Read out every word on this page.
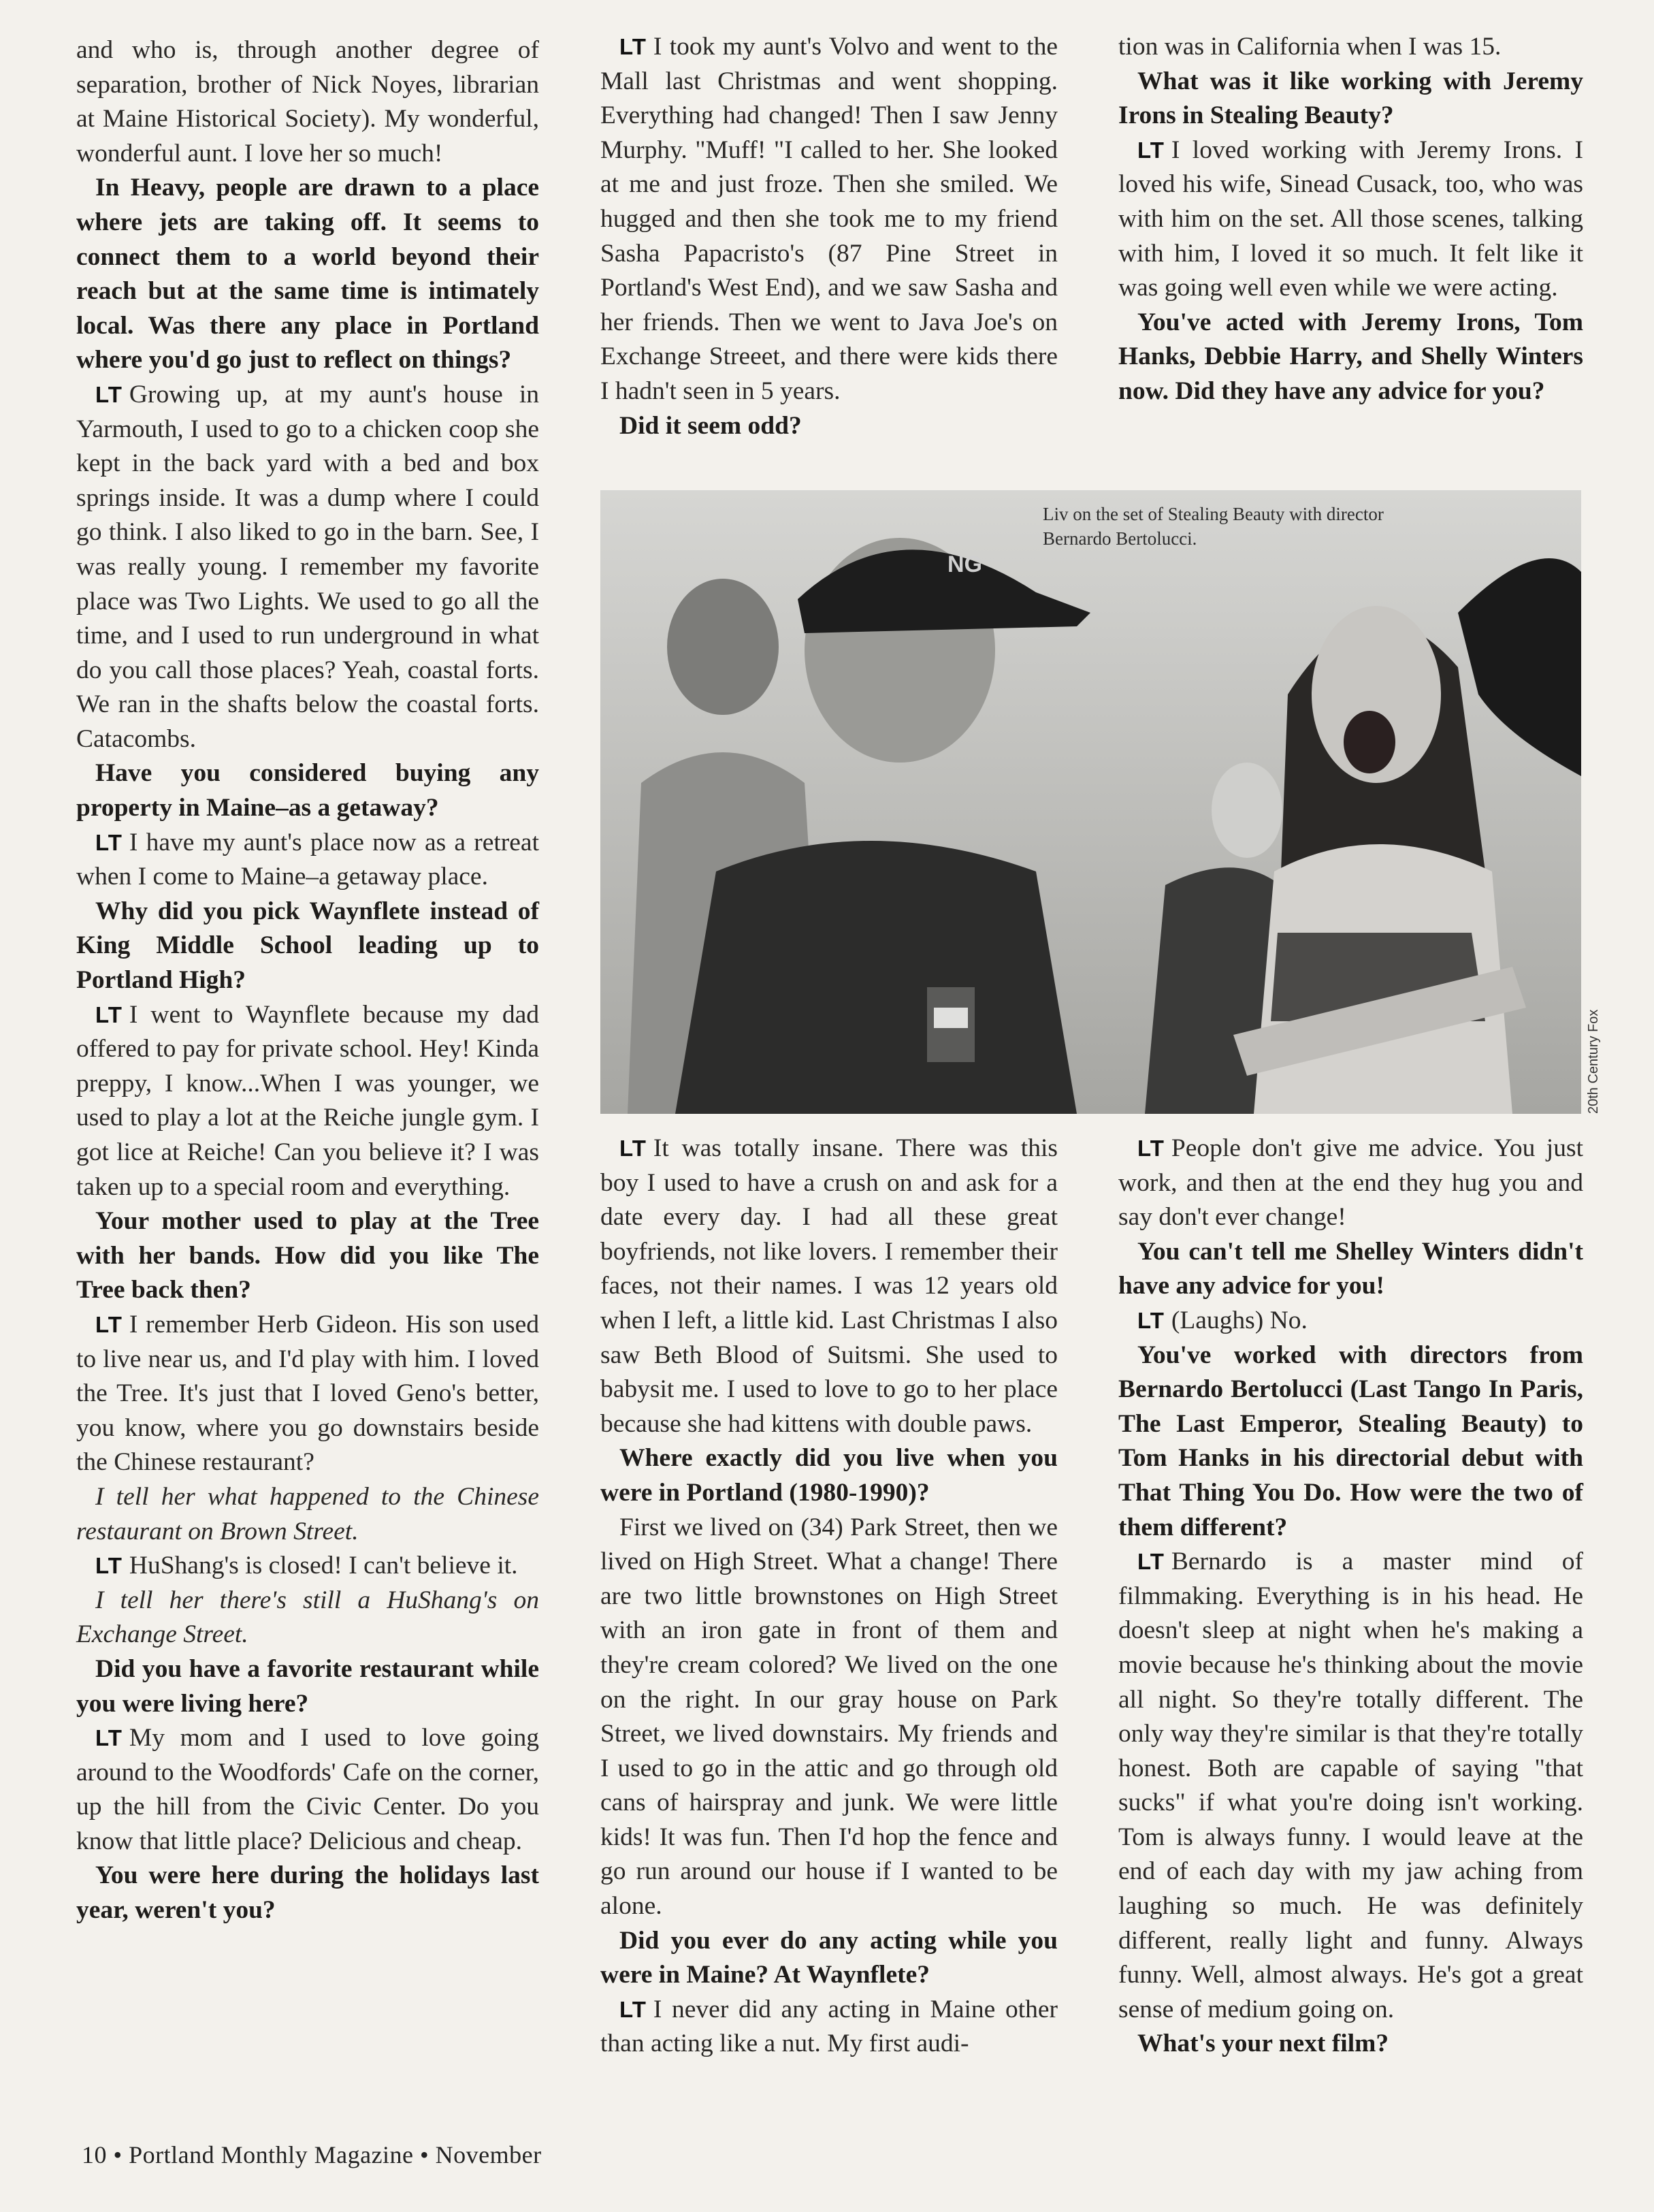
and who is, through another degree of separation, brother of Nick Noyes, librarian at Maine Historical Society). My wonderful, wonderful aunt. I love her so much!

In Heavy, people are drawn to a place where jets are taking off. It seems to connect them to a world beyond their reach but at the same time is intimately local. Was there any place in Portland where you'd go just to reflect on things?

LT Growing up, at my aunt's house in Yarmouth, I used to go to a chicken coop she kept in the back yard with a bed and box springs inside. It was a dump where I could go think. I also liked to go in the barn. See, I was really young. I remember my favorite place was Two Lights. We used to go all the time, and I used to run underground in what do you call those places? Yeah, coastal forts. We ran in the shafts below the coastal forts. Catacombs.

Have you considered buying any property in Maine–as a getaway?

LT I have my aunt's place now as a retreat when I come to Maine–a getaway place.

Why did you pick Waynflete instead of King Middle School leading up to Portland High?

LT I went to Waynflete because my dad offered to pay for private school. Hey! Kinda preppy, I know...When I was younger, we used to play a lot at the Reiche jungle gym. I got lice at Reiche! Can you believe it? I was taken up to a special room and everything.

Your mother used to play at the Tree with her bands. How did you like The Tree back then?

LT I remember Herb Gideon. His son used to live near us, and I'd play with him. I loved the Tree. It's just that I loved Geno's better, you know, where you go downstairs beside the Chinese restaurant?

I tell her what happened to the Chinese restaurant on Brown Street.

LT HuShang's is closed! I can't believe it.

I tell her there's still a HuShang's on Exchange Street.

Did you have a favorite restaurant while you were living here?

LT My mom and I used to love going around to the Woodfords' Cafe on the corner, up the hill from the Civic Center. Do you know that little place? Delicious and cheap.

You were here during the holidays last year, weren't you?

LT I took my aunt's Volvo and went to the Mall last Christmas and went shopping. Everything had changed! Then I saw Jenny Murphy. "Muff! "I called to her. She looked at me and just froze. Then she smiled. We hugged and then she took me to my friend Sasha Papacristo's (87 Pine Street in Portland's West End), and we saw Sasha and her friends. Then we went to Java Joe's on Exchange Streeet, and there were kids there I hadn't seen in 5 years.

Did it seem odd?

tion was in California when I was 15.

What was it like working with Jeremy Irons in Stealing Beauty?

LT I loved working with Jeremy Irons. I loved his wife, Sinead Cusack, too, who was with him on the set. All those scenes, talking with him, I loved it so much. It felt like it was going well even while we were acting.

You've acted with Jeremy Irons, Tom Hanks, Debbie Harry, and Shelly Winters now. Did they have any advice for you?

NG
Liv on the set of Stealing Beauty with director Bernardo Bertolucci.
20th Century Fox

LT It was totally insane. There was this boy I used to have a crush on and ask for a date every day. I had all these great boyfriends, not like lovers. I remember their faces, not their names. I was 12 years old when I left, a little kid. Last Christmas I also saw Beth Blood of Suitsmi. She used to babysit me. I used to love to go to her place because she had kittens with double paws.

Where exactly did you live when you were in Portland (1980-1990)?

First we lived on (34) Park Street, then we lived on High Street. What a change! There are two little brownstones on High Street with an iron gate in front of them and they're cream colored? We lived on the one on the right. In our gray house on Park Street, we lived downstairs. My friends and I used to go in the attic and go through old cans of hairspray and junk. We were little kids! It was fun. Then I'd hop the fence and go run around our house if I wanted to be alone.

Did you ever do any acting while you were in Maine? At Waynflete?

LT I never did any acting in Maine other than acting like a nut. My first audi-

LT People don't give me advice. You just work, and then at the end they hug you and say don't ever change!

You can't tell me Shelley Winters didn't have any advice for you!

LT (Laughs) No.

You've worked with directors from Bernardo Bertolucci (Last Tango In Paris, The Last Emperor, Stealing Beauty) to Tom Hanks in his directorial debut with That Thing You Do. How were the two of them different?

LT Bernardo is a master mind of filmmaking. Everything is in his head. He doesn't sleep at night when he's making a movie because he's thinking about the movie all night. So they're totally different. The only way they're similar is that they're totally honest. Both are capable of saying "that sucks" if what you're doing isn't working. Tom is always funny. I would leave at the end of each day with my jaw aching from laughing so much. He was definitely different, really light and funny. Always funny. Well, almost always. He's got a great sense of medium going on.

What's your next film?

10 • Portland Monthly Magazine • November
